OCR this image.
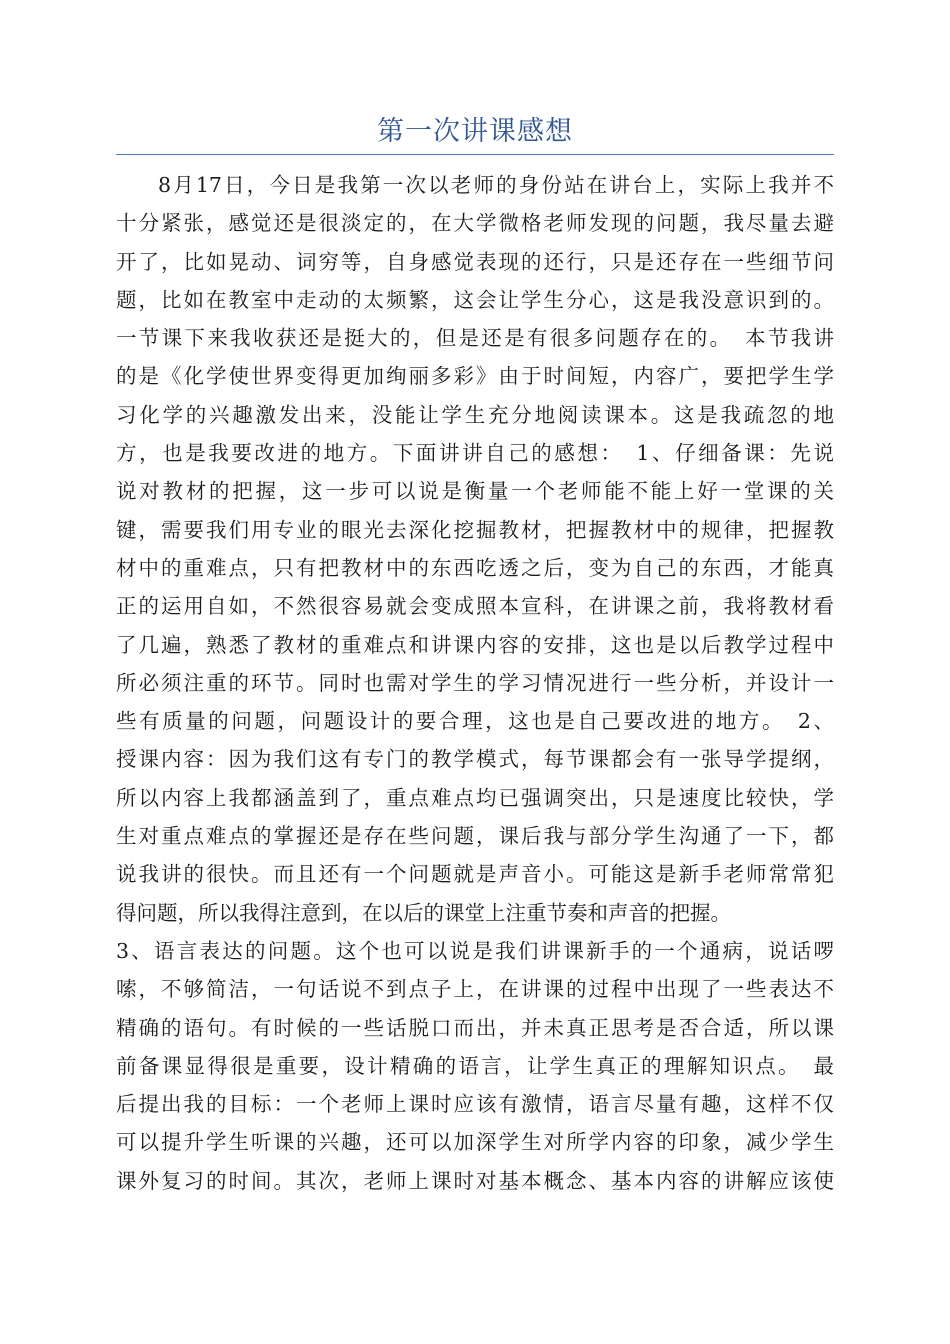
第一次讲课感想
8月17日，今日是我第一次以老师的身份站在讲台上，实际上我并不
十分紧张，感觉还是很淡定的，在大学微格老师发现的问题，我尽量去避
开了，比如晃动、词穷等，自身感觉表现的还行，只是还存在一些细节问
题，比如在教室中走动的太频繁，这会让学生分心，这是我没意识到的。
一节课下来我收获还是挺大的，但是还是有很多问题存在的。　本节我讲
的是《化学使世界变得更加绚丽多彩》由于时间短，内容广，要把学生学
习化学的兴趣激发出来，没能让学生充分地阅读课本。这是我疏忽的地
方，也是我要改进的地方。下面讲讲自己的感想：　1、仔细备课：先说
说对教材的把握，这一步可以说是衡量一个老师能不能上好一堂课的关
键，需要我们用专业的眼光去深化挖掘教材，把握教材中的规律，把握教
材中的重难点，只有把教材中的东西吃透之后，变为自己的东西，才能真
正的运用自如，不然很容易就会变成照本宣科，在讲课之前，我将教材看
了几遍，熟悉了教材的重难点和讲课内容的安排，这也是以后教学过程中
所必须注重的环节。同时也需对学生的学习情况进行一些分析，并设计一
些有质量的问题，问题设计的要合理，这也是自己要改进的地方。　2、
授课内容：因为我们这有专门的教学模式，每节课都会有一张导学提纲，
所以内容上我都涵盖到了，重点难点均已强调突出，只是速度比较快，学
生对重点难点的掌握还是存在些问题，课后我与部分学生沟通了一下，都
说我讲的很快。而且还有一个问题就是声音小。可能这是新手老师常常犯
得问题，所以我得注意到，在以后的课堂上注重节奏和声音的把握。
3、语言表达的问题。这个也可以说是我们讲课新手的一个通病，说话啰
嗦，不够简洁，一句话说不到点子上，在讲课的过程中出现了一些表达不
精确的语句。有时候的一些话脱口而出，并未真正思考是否合适，所以课
前备课显得很是重要，设计精确的语言，让学生真正的理解知识点。　最
后提出我的目标：一个老师上课时应该有激情，语言尽量有趣，这样不仅
可以提升学生听课的兴趣，还可以加深学生对所学内容的印象，减少学生
课外复习的时间。其次，老师上课时对基本概念、基本内容的讲解应该使
